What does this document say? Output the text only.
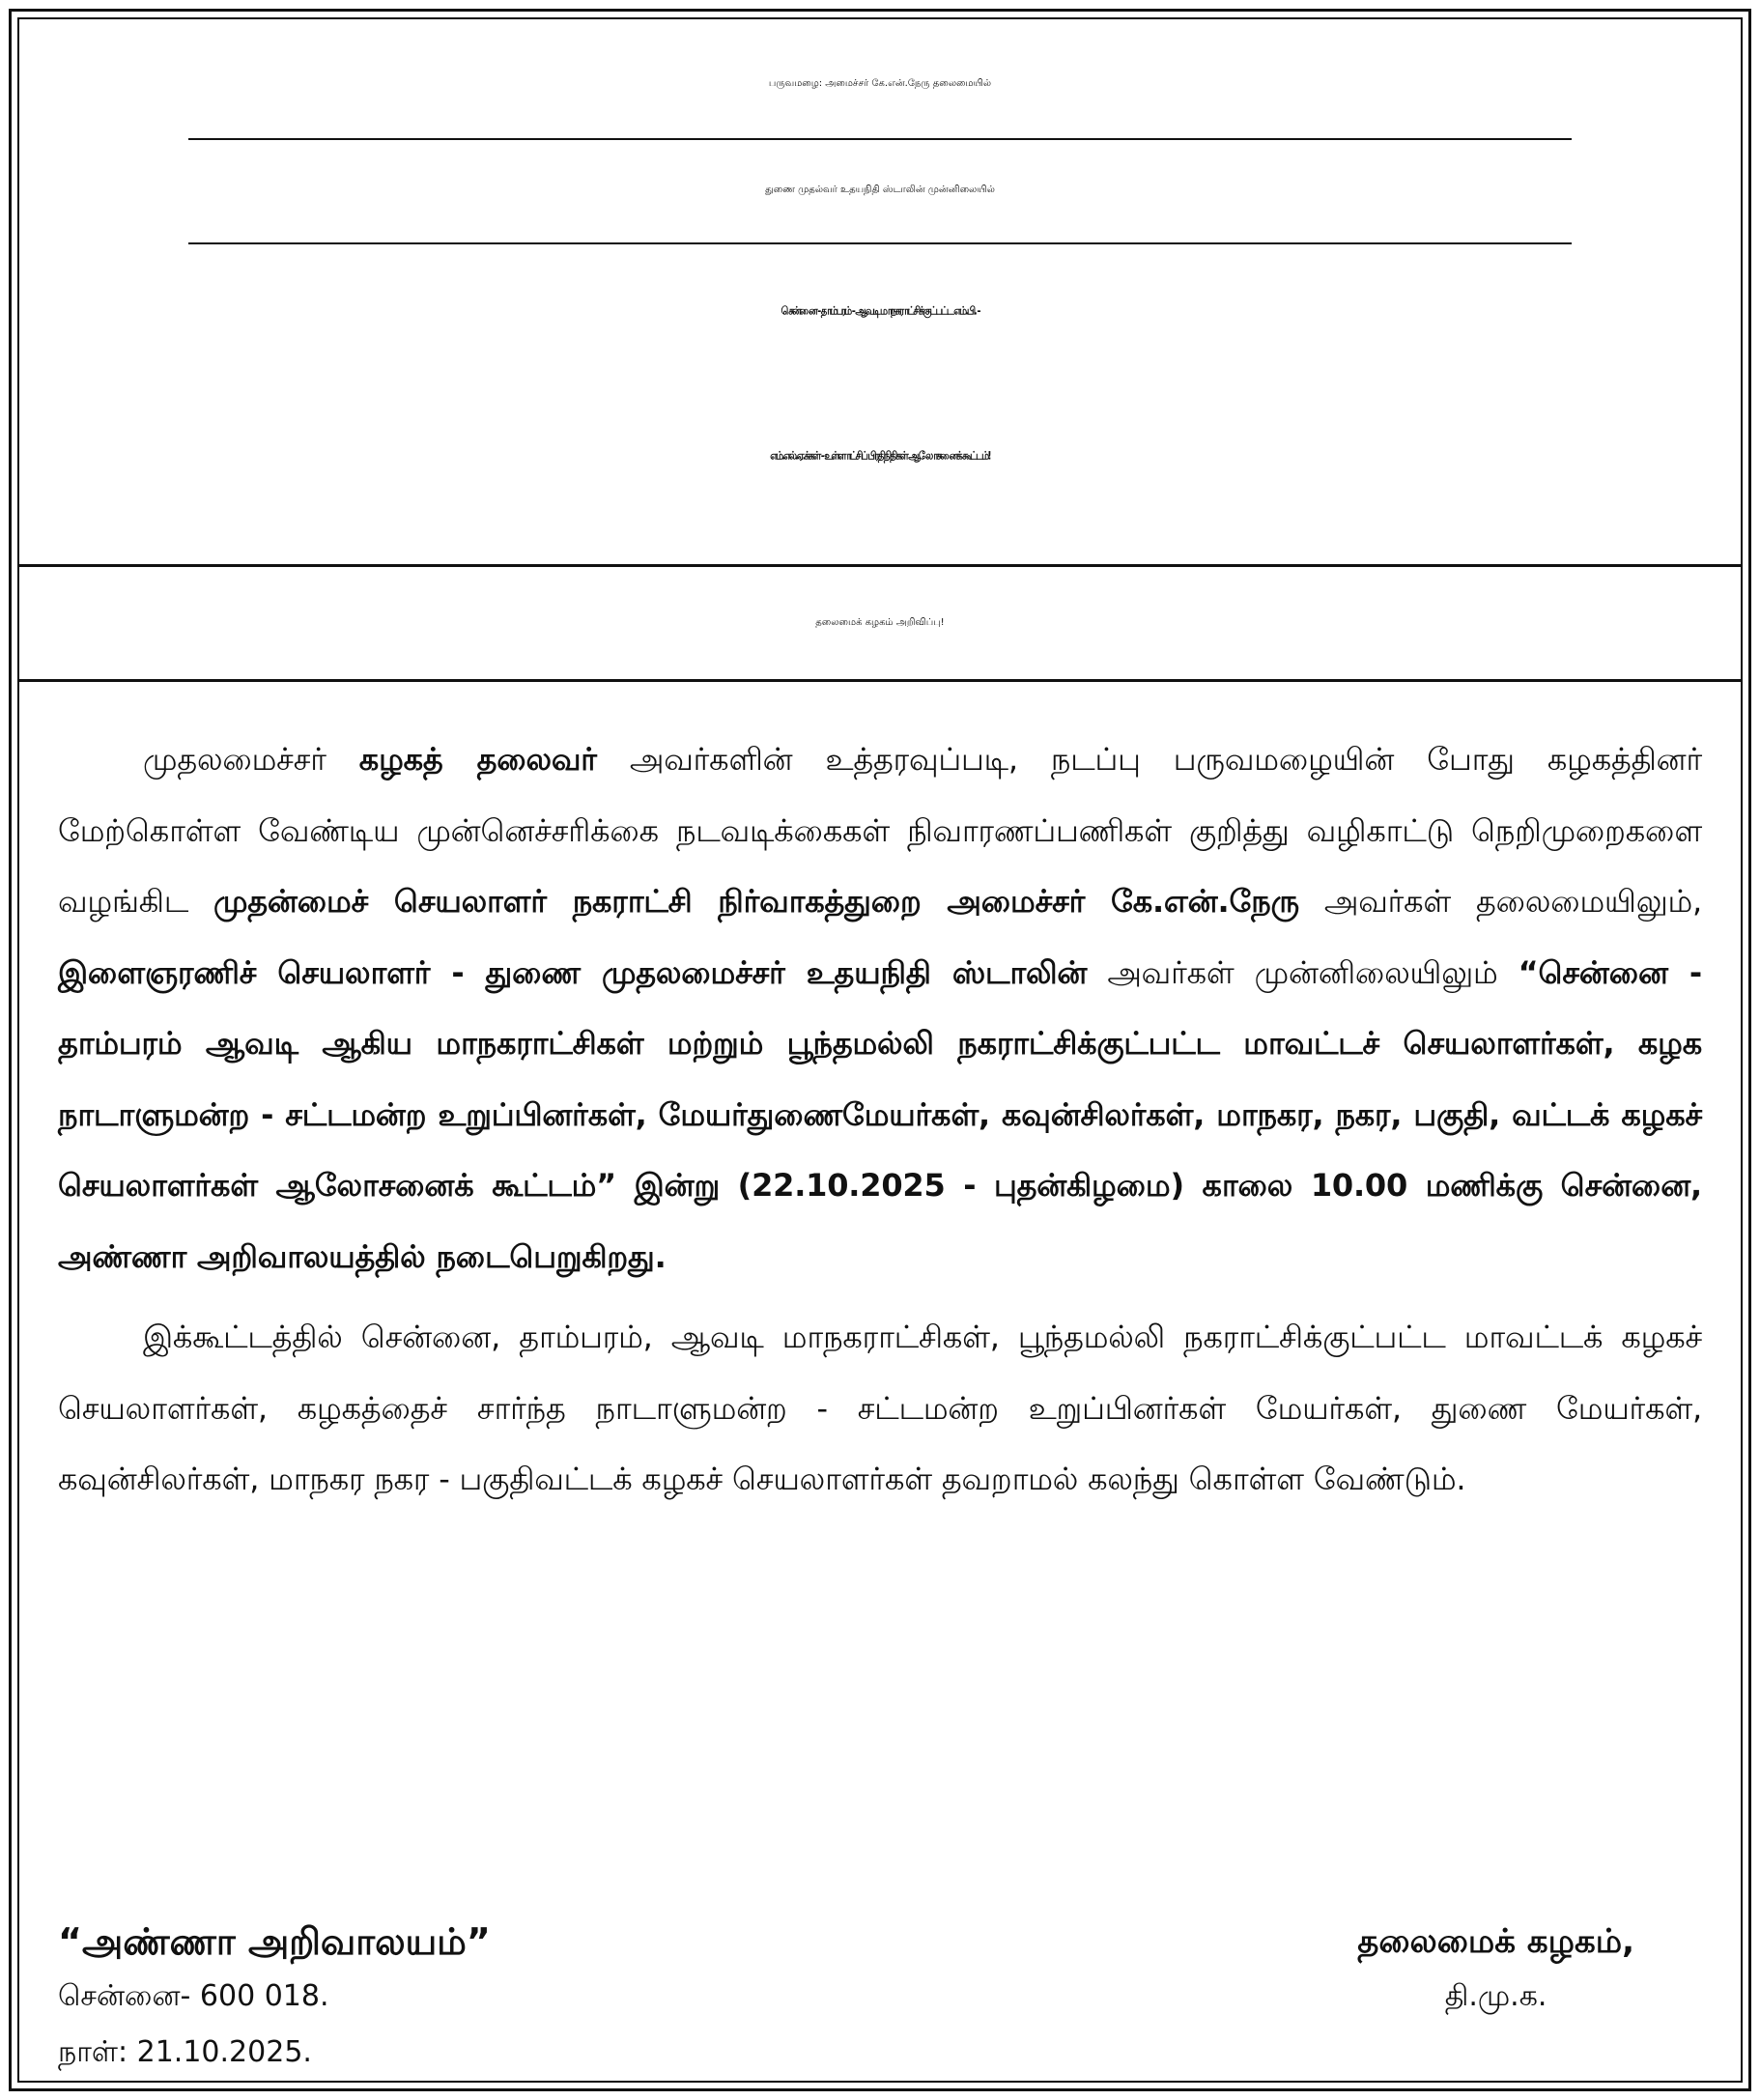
பருவமழை: அமைச்சர் கே.என்.நேரு தலைமையில்
துணை முதல்வர் உதயநிதி ஸ்டாலின் முன்னிலையில்
சென்னை - தாம்பரம் - ஆவடி மாநகராட்சிக்குட்பட்ட எம்.பி. -
எம்.எல்.ஏ.க்கள் - உள்ளாட்சிப் பிரதிநிதிகள் ஆலோசனைக் கூட்டம்!
தலைமைக் கழகம் அறிவிப்பு!

முதலமைச்சர் கழகத் தலைவர் அவர்களின் உத்தரவுப்படி, நடப்பு பருவமழையின் போது கழகத்தினர் மேற்கொள்ள வேண்டிய முன்னெச்சரிக்கை நடவடிக்கைகள் நிவாரணப்பணிகள் குறித்து வழிகாட்டு நெறிமுறைகளை வழங்கிட முதன்மைச் செயலாளர் நகராட்சி நிர்வாகத்துறை அமைச்சர் கே.என்.நேரு அவர்கள் தலைமையிலும், இளைஞரணிச் செயலாளர் - துணை முதலமைச்சர் உதயநிதி ஸ்டாலின் அவர்கள் முன்னிலையிலும் “சென்னை - தாம்பரம் ஆவடி ஆகிய மாநகராட்சிகள் மற்றும் பூந்தமல்லி நகராட்சிக்குட்பட்ட மாவட்டச் செயலாளர்கள், கழக நாடாளுமன்ற - சட்டமன்ற உறுப்பினர்கள், மேயர்துணைமேயர்கள், கவுன்சிலர்கள், மாநகர, நகர, பகுதி, வட்டக் கழகச் செயலாளர்கள் ஆலோசனைக் கூட்டம்” இன்று (22.10.2025 - புதன்கிழமை) காலை 10.00 மணிக்கு சென்னை, அண்ணா அறிவாலயத்தில் நடைபெறுகிறது.

இக்கூட்டத்தில் சென்னை, தாம்பரம், ஆவடி மாநகராட்சிகள், பூந்தமல்லி நகராட்சிக்குட்பட்ட மாவட்டக் கழகச் செயலாளர்கள், கழகத்தைச் சார்ந்த நாடாளுமன்ற - சட்டமன்ற உறுப்பினர்கள் மேயர்கள், துணை மேயர்கள், கவுன்சிலர்கள், மாநகர நகர - பகுதிவட்டக் கழகச் செயலாளர்கள் தவறாமல் கலந்து கொள்ள வேண்டும்.

“அண்ணா அறிவாலயம்”
சென்னை- 600 018.
நாள்: 21.10.2025.
தலைமைக் கழகம்,
தி.மு.க.
